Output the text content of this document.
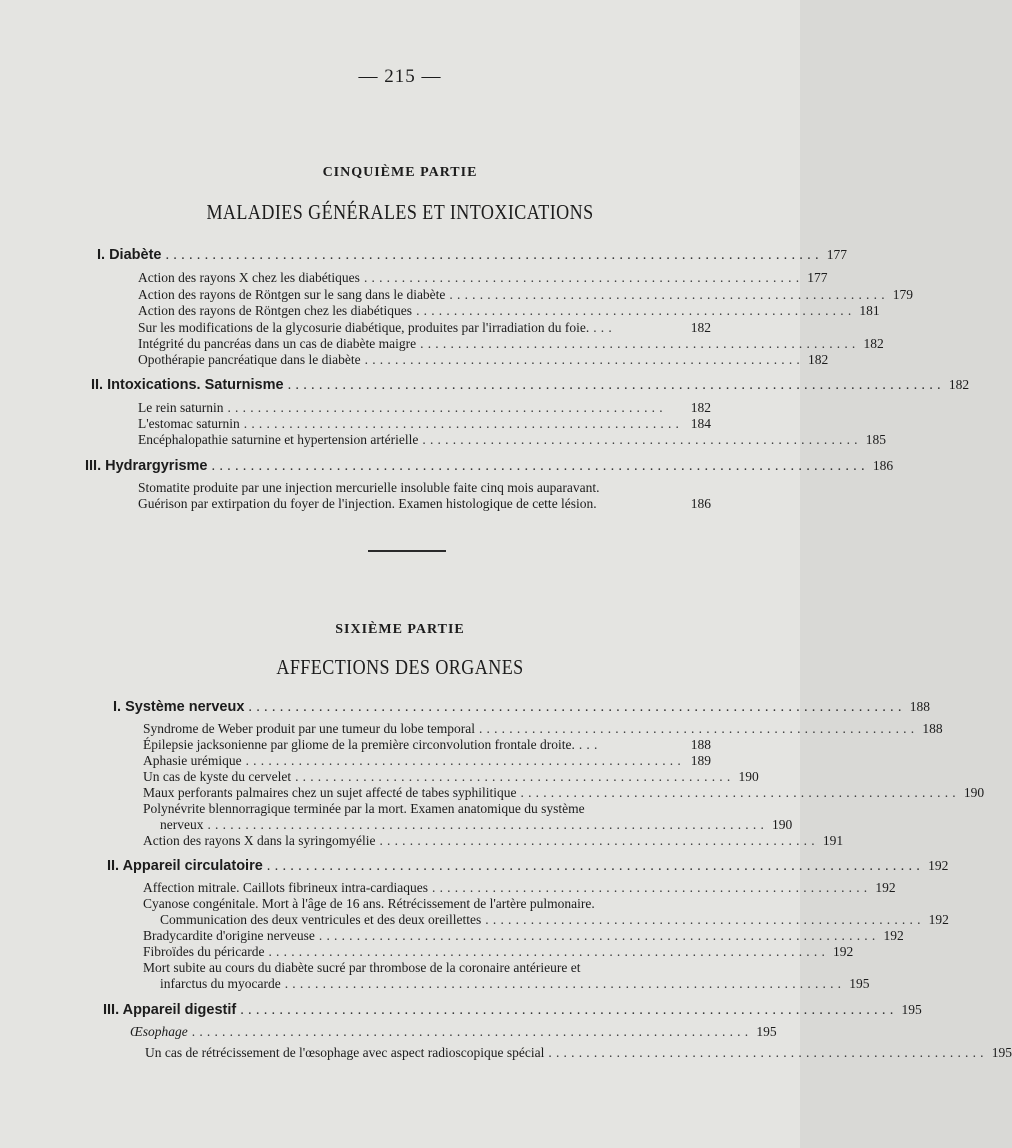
— 215 —
CINQUIÈME PARTIE
MALADIES GÉNÉRALES ET INTOXICATIONS
I. Diabète .................................................................................... 177
Action des rayons X chez les diabétiques .......................................................... 177
Action des rayons de Röntgen sur le sang dans le diabète .......................................................... 179
Action des rayons de Röntgen chez les diabétiques .......................................................... 181
Sur les modifications de la glycosurie diabétique, produites par l'irradiation du foie. ...	182
Intégrité du pancréas dans un cas de diabète maigre .......................................................... 182
Opothérapie pancréatique dans le diabète .......................................................... 182
II. Intoxications. Saturnisme .................................................................................... 182
Le rein saturnin ..........................................................	182
L'estomac saturnin .......................................................... 184
Encéphalopathie saturnine et hypertension artérielle .......................................................... 185
III. Hydrargyrisme .................................................................................... 186
Stomatite produite par une injection mercurielle insoluble faite cinq mois auparavant.
Guérison par extirpation du foyer de l'injection. Examen histologique de cette lésion.	186
SIXIÈME PARTIE
AFFECTIONS DES ORGANES
I. Système nerveux .................................................................................... 188
Syndrome de Weber produit par une tumeur du lobe temporal .......................................................... 188
Épilepsie jacksonienne par gliome de la première circonvolution frontale droite. ...	188
Aphasie urémique .......................................................... 189
Un cas de kyste du cervelet .......................................................... 190
Maux perforants palmaires chez un sujet affecté de tabes syphilitique .......................................................... 190
Polynévrite blennorragique terminée par la mort. Examen anatomique du système
nerveux .......................................................................... 190
Action des rayons X dans la syringomyélie .......................................................... 191
II. Appareil circulatoire .................................................................................... 192
Affection mitrale. Caillots fibrineux intra-cardiaques .......................................................... 192
Cyanose congénitale. Mort à l'âge de 16 ans. Rétrécissement de l'artère pulmonaire.
Communication des deux ventricules et des deux oreillettes .......................................................... 192
Bradycardite d'origine nerveuse .......................................................................... 192
Fibroïdes du péricarde .......................................................................... 192
Mort subite au cours du diabète sucré par thrombose de la coronaire antérieure et
infarctus du myocarde .......................................................................... 195
III. Appareil digestif .................................................................................... 195
Œsophage .......................................................................... 195
Un cas de rétrécissement de l'œsophage avec aspect radioscopique spécial .......................................................... 195
